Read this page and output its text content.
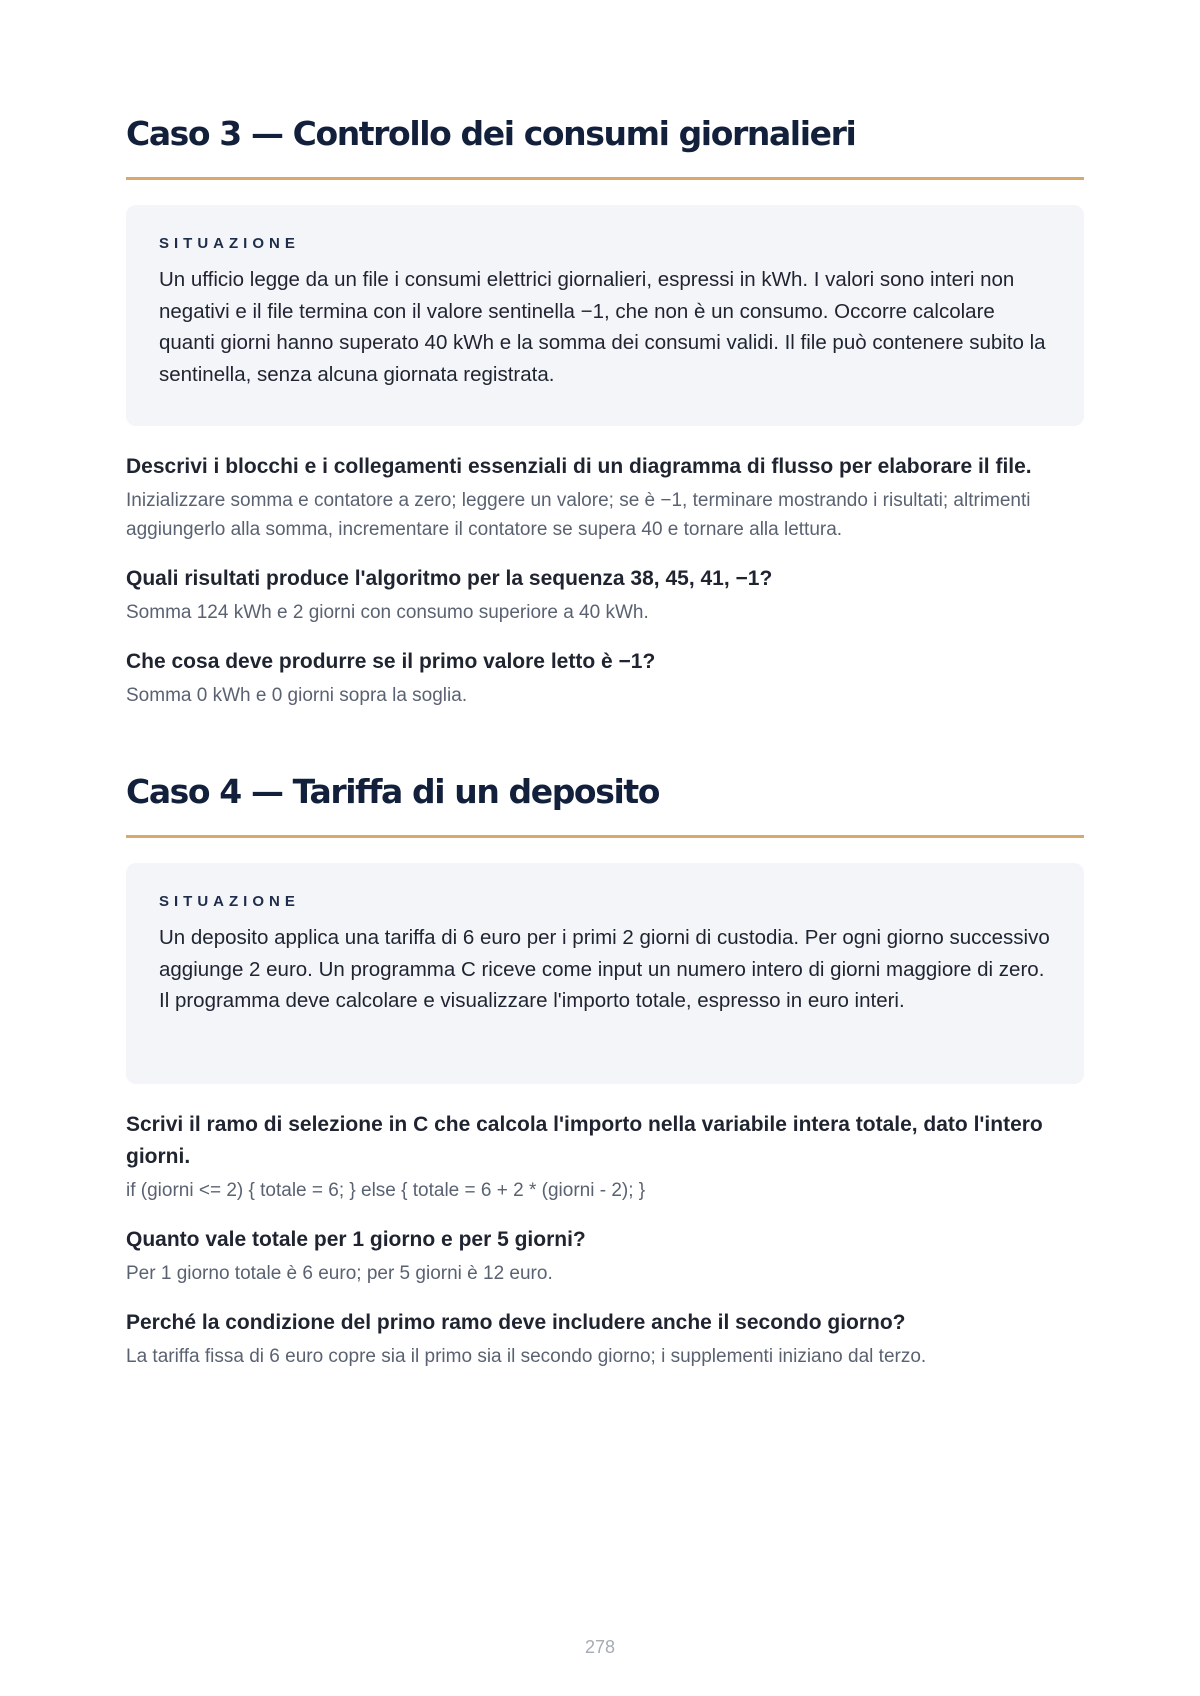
Caso 3 — Controllo dei consumi giornalieri
SITUAZIONE

Un ufficio legge da un file i consumi elettrici giornalieri, espressi in kWh. I valori sono interi non negativi e il file termina con il valore sentinella −1, che non è un consumo. Occorre calcolare quanti giorni hanno superato 40 kWh e la somma dei consumi validi. Il file può contenere subito la sentinella, senza alcuna giornata registrata.

Descrivi i blocchi e i collegamenti essenziali di un diagramma di flusso per elaborare il file.

Inizializzare somma e contatore a zero; leggere un valore; se è −1, terminare mostrando i risultati; altrimenti aggiungerlo alla somma, incrementare il contatore se supera 40 e tornare alla lettura.

Quali risultati produce l'algoritmo per la sequenza 38, 45, 41, −1?

Somma 124 kWh e 2 giorni con consumo superiore a 40 kWh.

Che cosa deve produrre se il primo valore letto è −1?

Somma 0 kWh e 0 giorni sopra la soglia.

Caso 4 — Tariffa di un deposito
SITUAZIONE

Un deposito applica una tariffa di 6 euro per i primi 2 giorni di custodia. Per ogni giorno successivo aggiunge 2 euro. Un programma C riceve come input un numero intero di giorni maggiore di zero. Il programma deve calcolare e visualizzare l'importo totale, espresso in euro interi.

Scrivi il ramo di selezione in C che calcola l'importo nella variabile intera totale, dato l'intero giorni.

if (giorni <= 2) { totale = 6; } else { totale = 6 + 2 * (giorni - 2); }

Quanto vale totale per 1 giorno e per 5 giorni?

Per 1 giorno totale è 6 euro; per 5 giorni è 12 euro.

Perché la condizione del primo ramo deve includere anche il secondo giorno?

La tariffa fissa di 6 euro copre sia il primo sia il secondo giorno; i supplementi iniziano dal terzo.

278
